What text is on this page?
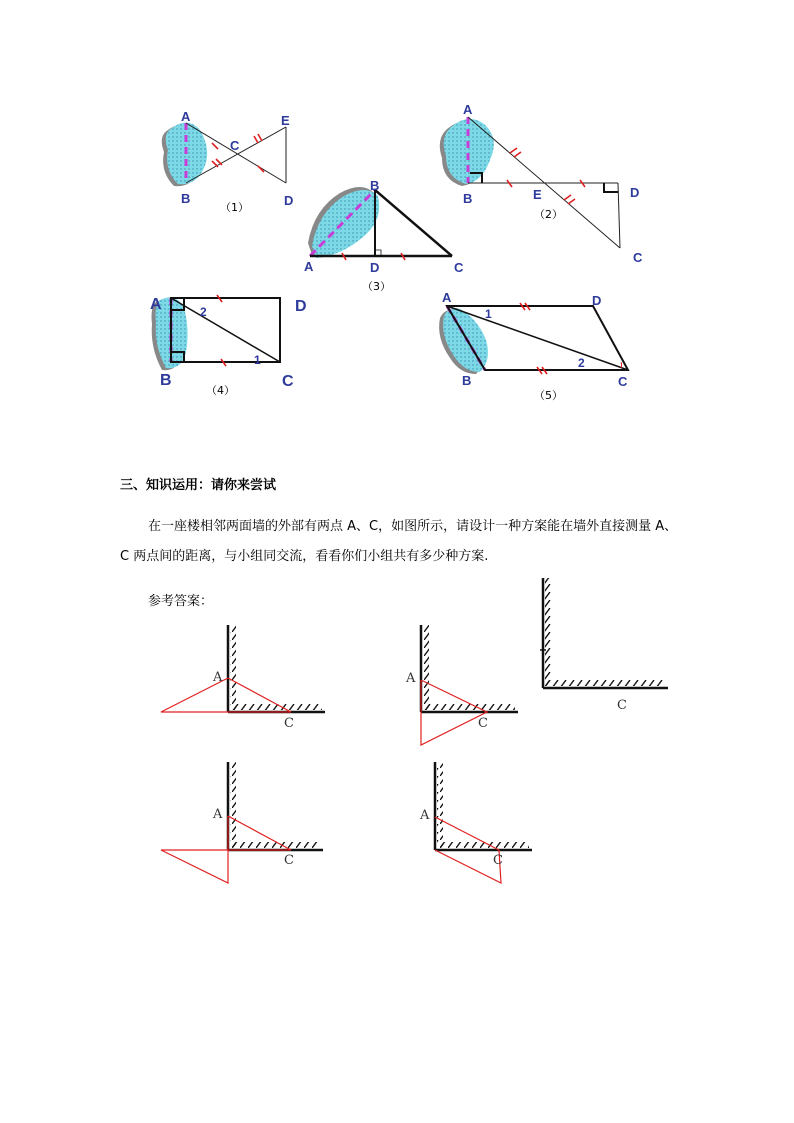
A
B
C
D
E
（1）
A
B	E	D
C
（2）
B
A	D	C
（3）
A
B
D
C
2
1
（4）
A	D
B	C
1
2
（5）
三、知识运用：请你来尝试
在一座楼相邻两面墙的外部有两点 A、C，如图所示，请设计一种方案能在墙外直接测量 A、C 两点间的距离，与小组同交流，看看你们小组共有多少种方案.
参考答案：
A
C
A
C
C
A
C
A
C
